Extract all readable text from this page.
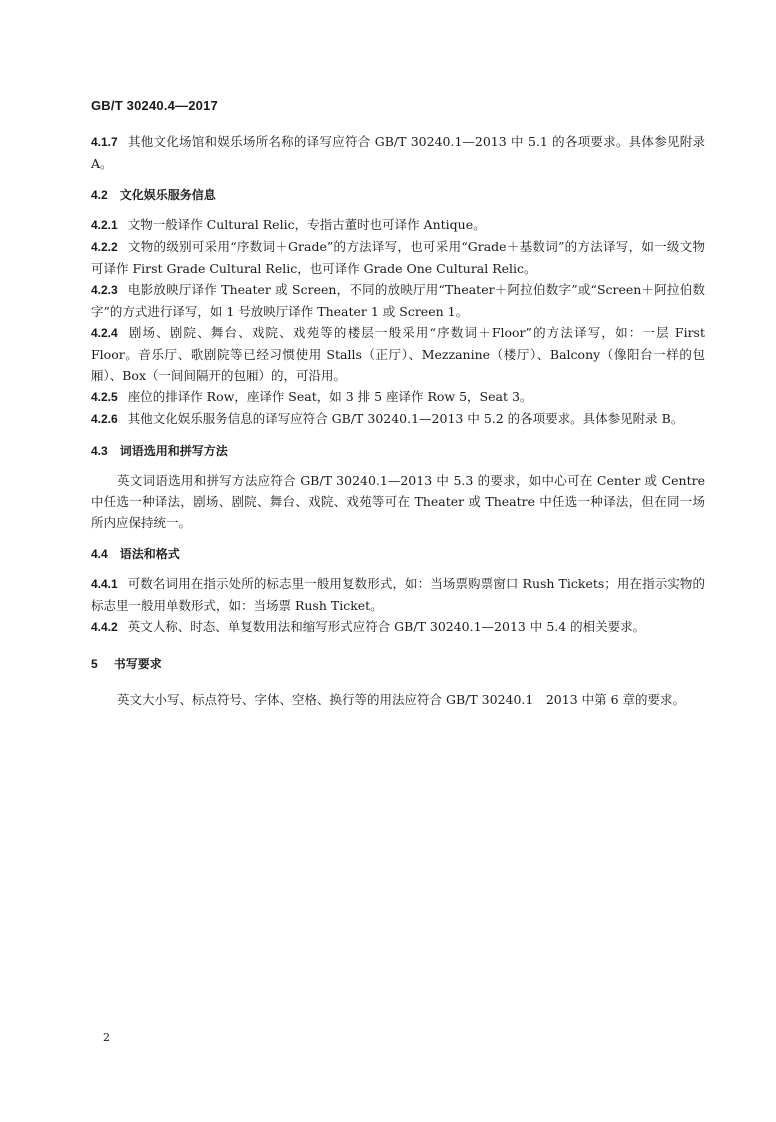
GB/T 30240.4—2017

4.1.7 其他文化场馆和娱乐场所名称的译写应符合 GB/T 30240.1—2013 中 5.1 的各项要求。具体参见附录 A。

4.2 文化娱乐服务信息

4.2.1 文物一般译作 Cultural Relic，专指古董时也可译作 Antique。

4.2.2 文物的级别可采用“序数词＋Grade”的方法译写，也可采用“Grade＋基数词”的方法译写，如一级文物可译作 First Grade Cultural Relic，也可译作 Grade One Cultural Relic。

4.2.3 电影放映厅译作 Theater 或 Screen，不同的放映厅用“Theater＋阿拉伯数字”或“Screen＋阿拉伯数字”的方式进行译写，如 1 号放映厅译作 Theater 1 或 Screen 1。

4.2.4 剧场、剧院、舞台、戏院、戏苑等的楼层一般采用“序数词＋Floor”的方法译写，如：一层 First Floor。音乐厅、歌剧院等已经习惯使用 Stalls（正厅）、Mezzanine（楼厅）、Balcony（像阳台一样的包厢）、Box（一间间隔开的包厢）的，可沿用。

4.2.5 座位的排译作 Row，座译作 Seat，如 3 排 5 座译作 Row 5，Seat 3。

4.2.6 其他文化娱乐服务信息的译写应符合 GB/T 30240.1—2013 中 5.2 的各项要求。具体参见附录 B。

4.3 词语选用和拼写方法

英文词语选用和拼写方法应符合 GB/T 30240.1—2013 中 5.3 的要求，如中心可在 Center 或 Centre 中任选一种译法，剧场、剧院、舞台、戏院、戏苑等可在 Theater 或 Theatre 中任选一种译法，但在同一场所内应保持统一。

4.4 语法和格式

4.4.1 可数名词用在指示处所的标志里一般用复数形式，如：当场票购票窗口 Rush Tickets；用在指示实物的标志里一般用单数形式，如：当场票 Rush Ticket。

4.4.2 英文人称、时态、单复数用法和缩写形式应符合 GB/T 30240.1—2013 中 5.4 的相关要求。

5 书写要求

英文大小写、标点符号、字体、空格、换行等的用法应符合 GB/T 30240.1　2013 中第 6 章的要求。

2
